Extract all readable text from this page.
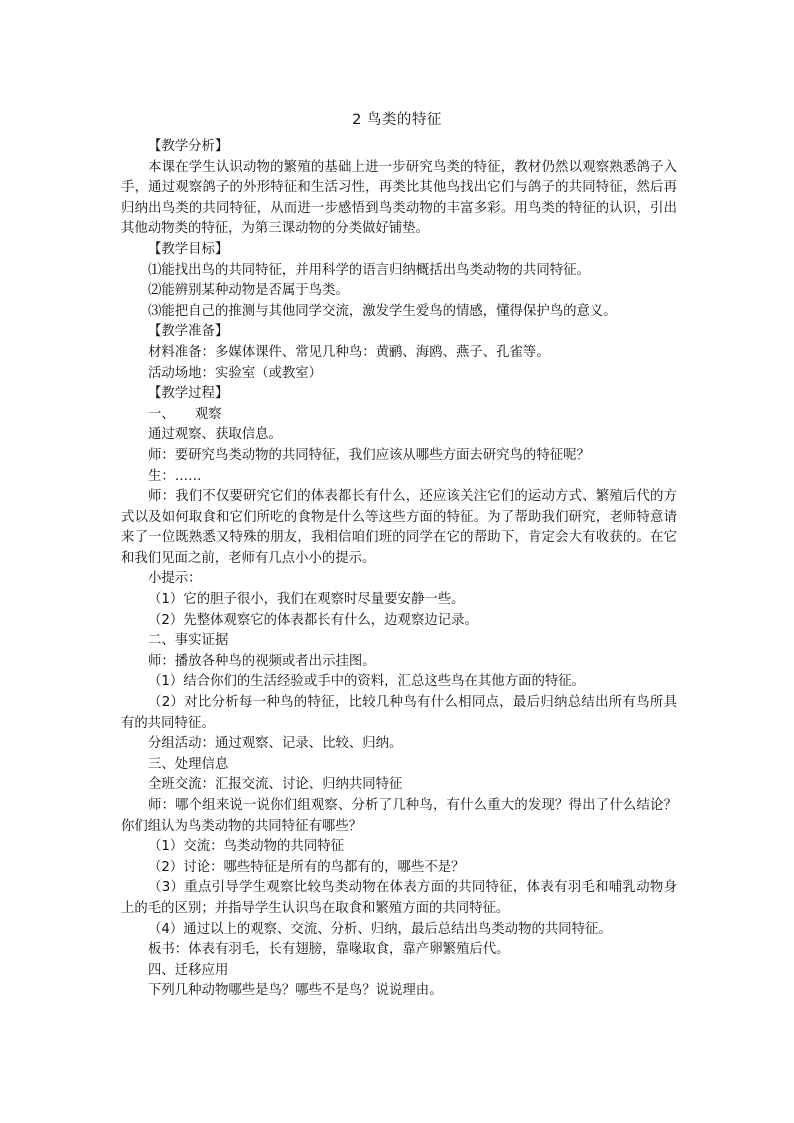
2 鸟类的特征

【教学分析】

本课在学生认识动物的繁殖的基础上进一步研究鸟类的特征，教材仍然以观察熟悉鸽子入手，通过观察鸽子的外形特征和生活习性，再类比其他鸟找出它们与鸽子的共同特征，然后再归纳出鸟类的共同特征，从而进一步感悟到鸟类动物的丰富多彩。用鸟类的特征的认识，引出其他动物类的特征，为第三课动物的分类做好铺垫。

【教学目标】

⑴能找出鸟的共同特征，并用科学的语言归纳概括出鸟类动物的共同特征。

⑵能辨别某种动物是否属于鸟类。

⑶能把自己的推测与其他同学交流，激发学生爱鸟的情感，懂得保护鸟的意义。

【教学准备】

材料准备：多媒体课件、常见几种鸟：黄鹂、海鸥、燕子、孔雀等。

活动场地：实验室（或教室）

【教学过程】

一、　　观察

通过观察、获取信息。

师：要研究鸟类动物的共同特征，我们应该从哪些方面去研究鸟的特征呢？

生：……

师：我们不仅要研究它们的体表都长有什么，还应该关注它们的运动方式、繁殖后代的方式以及如何取食和它们所吃的食物是什么等这些方面的特征。为了帮助我们研究，老师特意请来了一位既熟悉又特殊的朋友，我相信咱们班的同学在它的帮助下，肯定会大有收获的。在它和我们见面之前，老师有几点小小的提示。

小提示：

（1）它的胆子很小，我们在观察时尽量要安静一些。

（2）先整体观察它的体表都长有什么，边观察边记录。

二、事实证据

师：播放各种鸟的视频或者出示挂图。

（1）结合你们的生活经验或手中的资料，汇总这些鸟在其他方面的特征。

（2）对比分析每一种鸟的特征，比较几种鸟有什么相同点，最后归纳总结出所有鸟所具有的共同特征。

分组活动：通过观察、记录、比较、归纳。

三、处理信息

全班交流：汇报交流、讨论、归纳共同特征

师：哪个组来说一说你们组观察、分析了几种鸟，有什么重大的发现？得出了什么结论？你们组认为鸟类动物的共同特征有哪些？

（1）交流：鸟类动物的共同特征

（2）讨论：哪些特征是所有的鸟都有的，哪些不是？

（3）重点引导学生观察比较鸟类动物在体表方面的共同特征，体表有羽毛和哺乳动物身上的毛的区别；并指导学生认识鸟在取食和繁殖方面的共同特征。

（4）通过以上的观察、交流、分析、归纳，最后总结出鸟类动物的共同特征。

板书：体表有羽毛，长有翅膀，靠喙取食，靠产卵繁殖后代。

四、迁移应用

下列几种动物哪些是鸟？哪些不是鸟？说说理由。
